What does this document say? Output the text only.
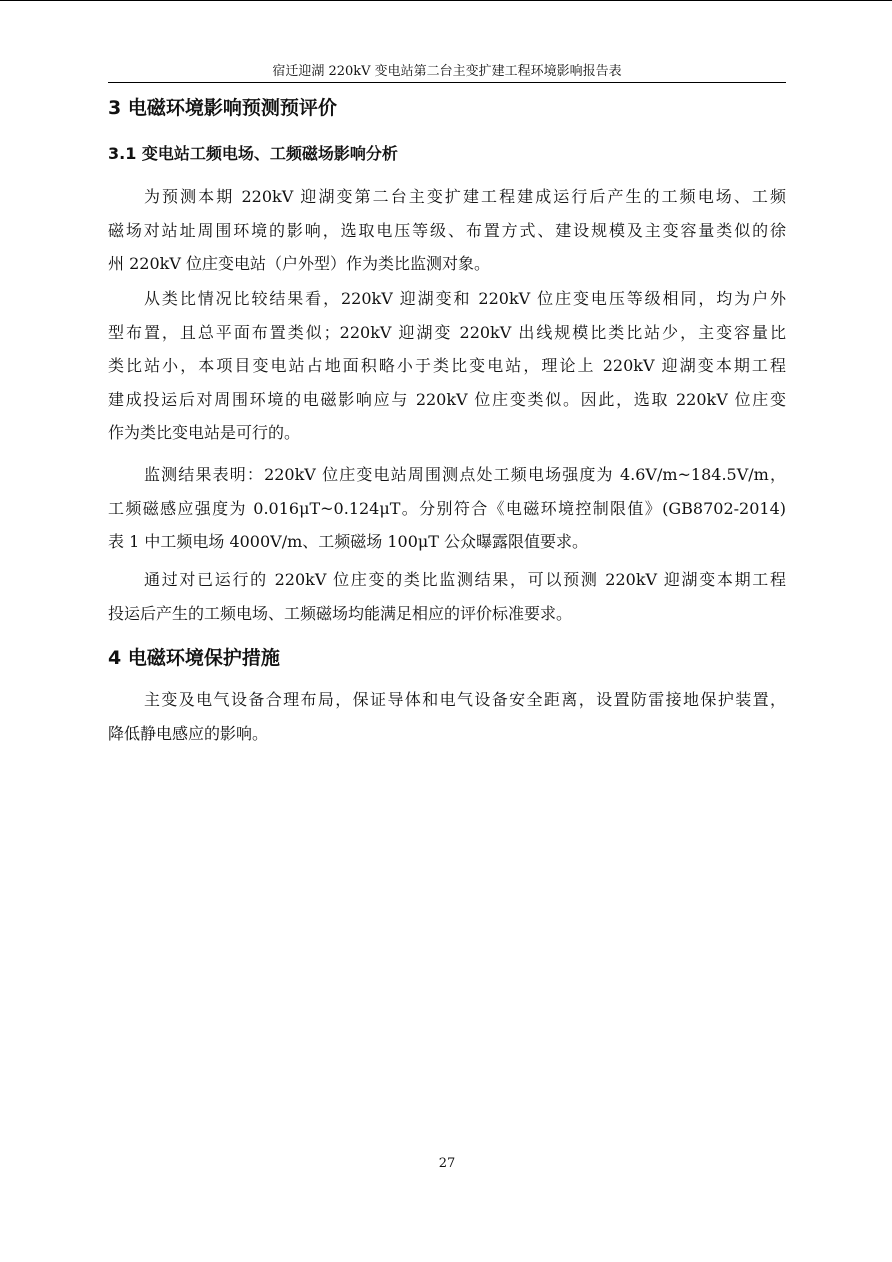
宿迁迎湖 220kV 变电站第二台主变扩建工程环境影响报告表
3 电磁环境影响预测预评价
3.1 变电站工频电场、工频磁场影响分析
为预测本期 220kV 迎湖变第二台主变扩建工程建成运行后产生的工频电场、工频
磁场对站址周围环境的影响，选取电压等级、布置方式、建设规模及主变容量类似的徐
州 220kV 位庄变电站（户外型）作为类比监测对象。
从类比情况比较结果看，220kV 迎湖变和 220kV 位庄变电压等级相同，均为户外
型布置，且总平面布置类似；220kV 迎湖变 220kV 出线规模比类比站少，主变容量比
类比站小，本项目变电站占地面积略小于类比变电站，理论上 220kV 迎湖变本期工程
建成投运后对周围环境的电磁影响应与 220kV 位庄变类似。因此，选取 220kV 位庄变
作为类比变电站是可行的。
监测结果表明：220kV 位庄变电站周围测点处工频电场强度为 4.6V/m~184.5V/m，
工频磁感应强度为 0.016μT~0.124μT。分别符合《电磁环境控制限值》(GB8702-2014)
表 1 中工频电场 4000V/m、工频磁场 100μT 公众曝露限值要求。
通过对已运行的 220kV 位庄变的类比监测结果，可以预测 220kV 迎湖变本期工程
投运后产生的工频电场、工频磁场均能满足相应的评价标准要求。
4 电磁环境保护措施
主变及电气设备合理布局，保证导体和电气设备安全距离，设置防雷接地保护装置，
降低静电感应的影响。
27
